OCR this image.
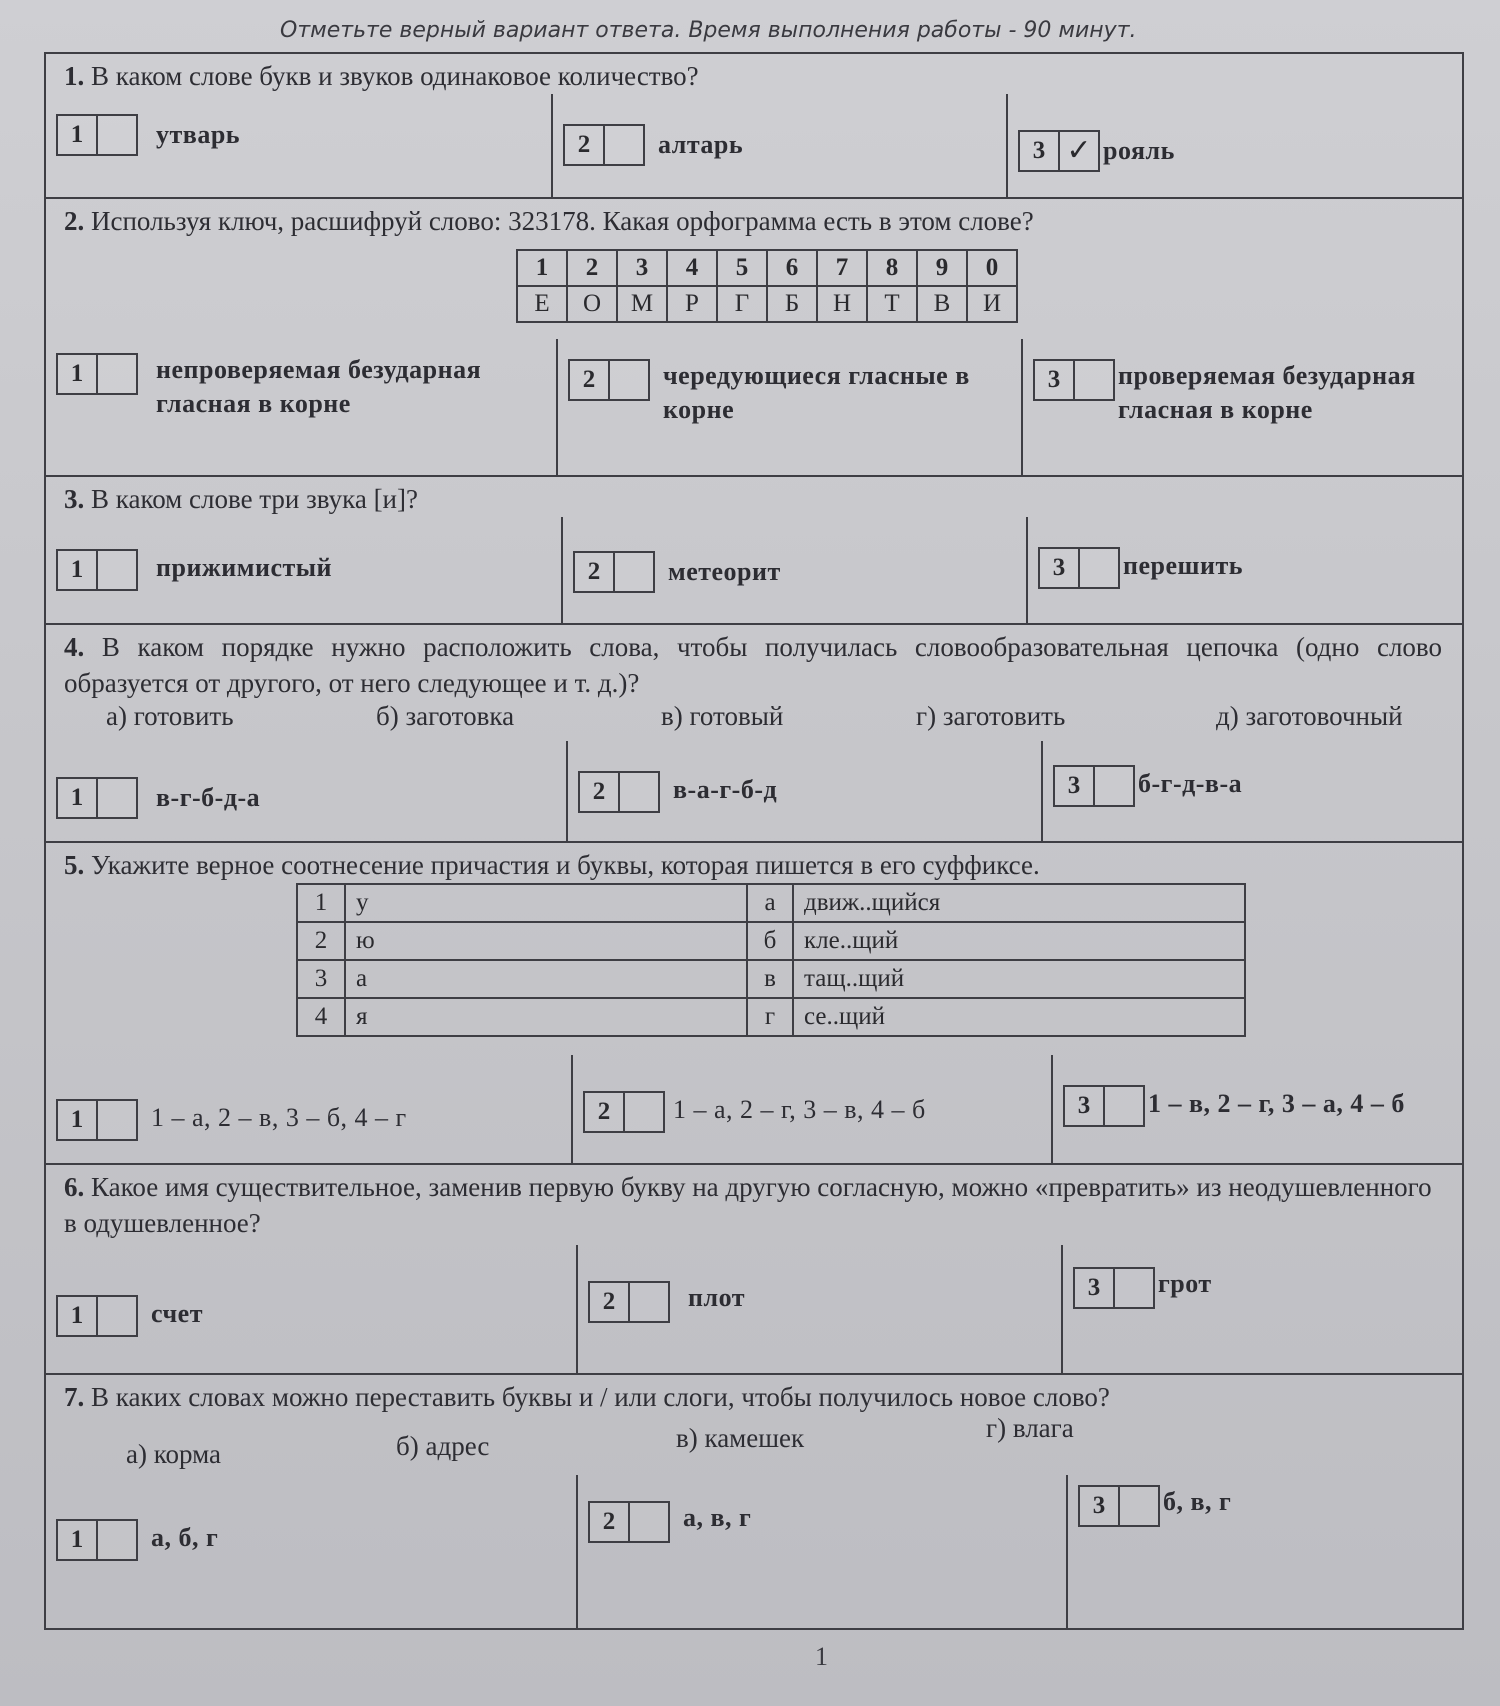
Отметьте верный вариант ответа. Время выполнения работы - 90 минут.
1. В каком слове букв и звуков одинаковое количество?
1	утварь	2	алтарь	3 ✓ рояль
2. Используя ключ, расшифруй слово: 323178. Какая орфограмма есть в этом слове?
1	2	3	4	5	6	7	8	9	0
Е	О	М	Р	Г	Б	Н	Т	В	И
1	непроверяемая безударная гласная в корне
2	чередующиеся гласные в корне
3	проверяемая безударная гласная в корне
3. В каком слове три звука [и]?
1	прижимистый	2	метеорит	3	перешить
4. В каком порядке нужно расположить слова, чтобы получилась словообразовательная цепочка (одно слово образуется от другого, от него следующее и т. д.)?
а) готовить	б) заготовка	в) готовый	г) заготовить	д) заготовочный
1	в-г-б-д-а	2	в-а-г-б-д	3	б-г-д-в-а
5. Укажите верное соотнесение причастия и буквы, которая пишется в его суффиксе.
1	у	а	движ..щийся
2	ю	б	кле..щий
3	а	в	тащ..щий
4	я	г	се..щий
1	1 – а, 2 – в, 3 – б, 4 – г	2	1 – а, 2 – г, 3 – в, 4 – б	3	1 – в, 2 – г, 3 – а, 4 – б
6. Какое имя существительное, заменив первую букву на другую согласную, можно «превратить» из неодушевленного в одушевленное?
1	счет	2	плот	3	грот
7. В каких словах можно переставить буквы и / или слоги, чтобы получилось новое слово?
а) корма	б) адрес	в) камешек	г) влага
1	а, б, г
2	а, в, г	3	б, в, г
1
